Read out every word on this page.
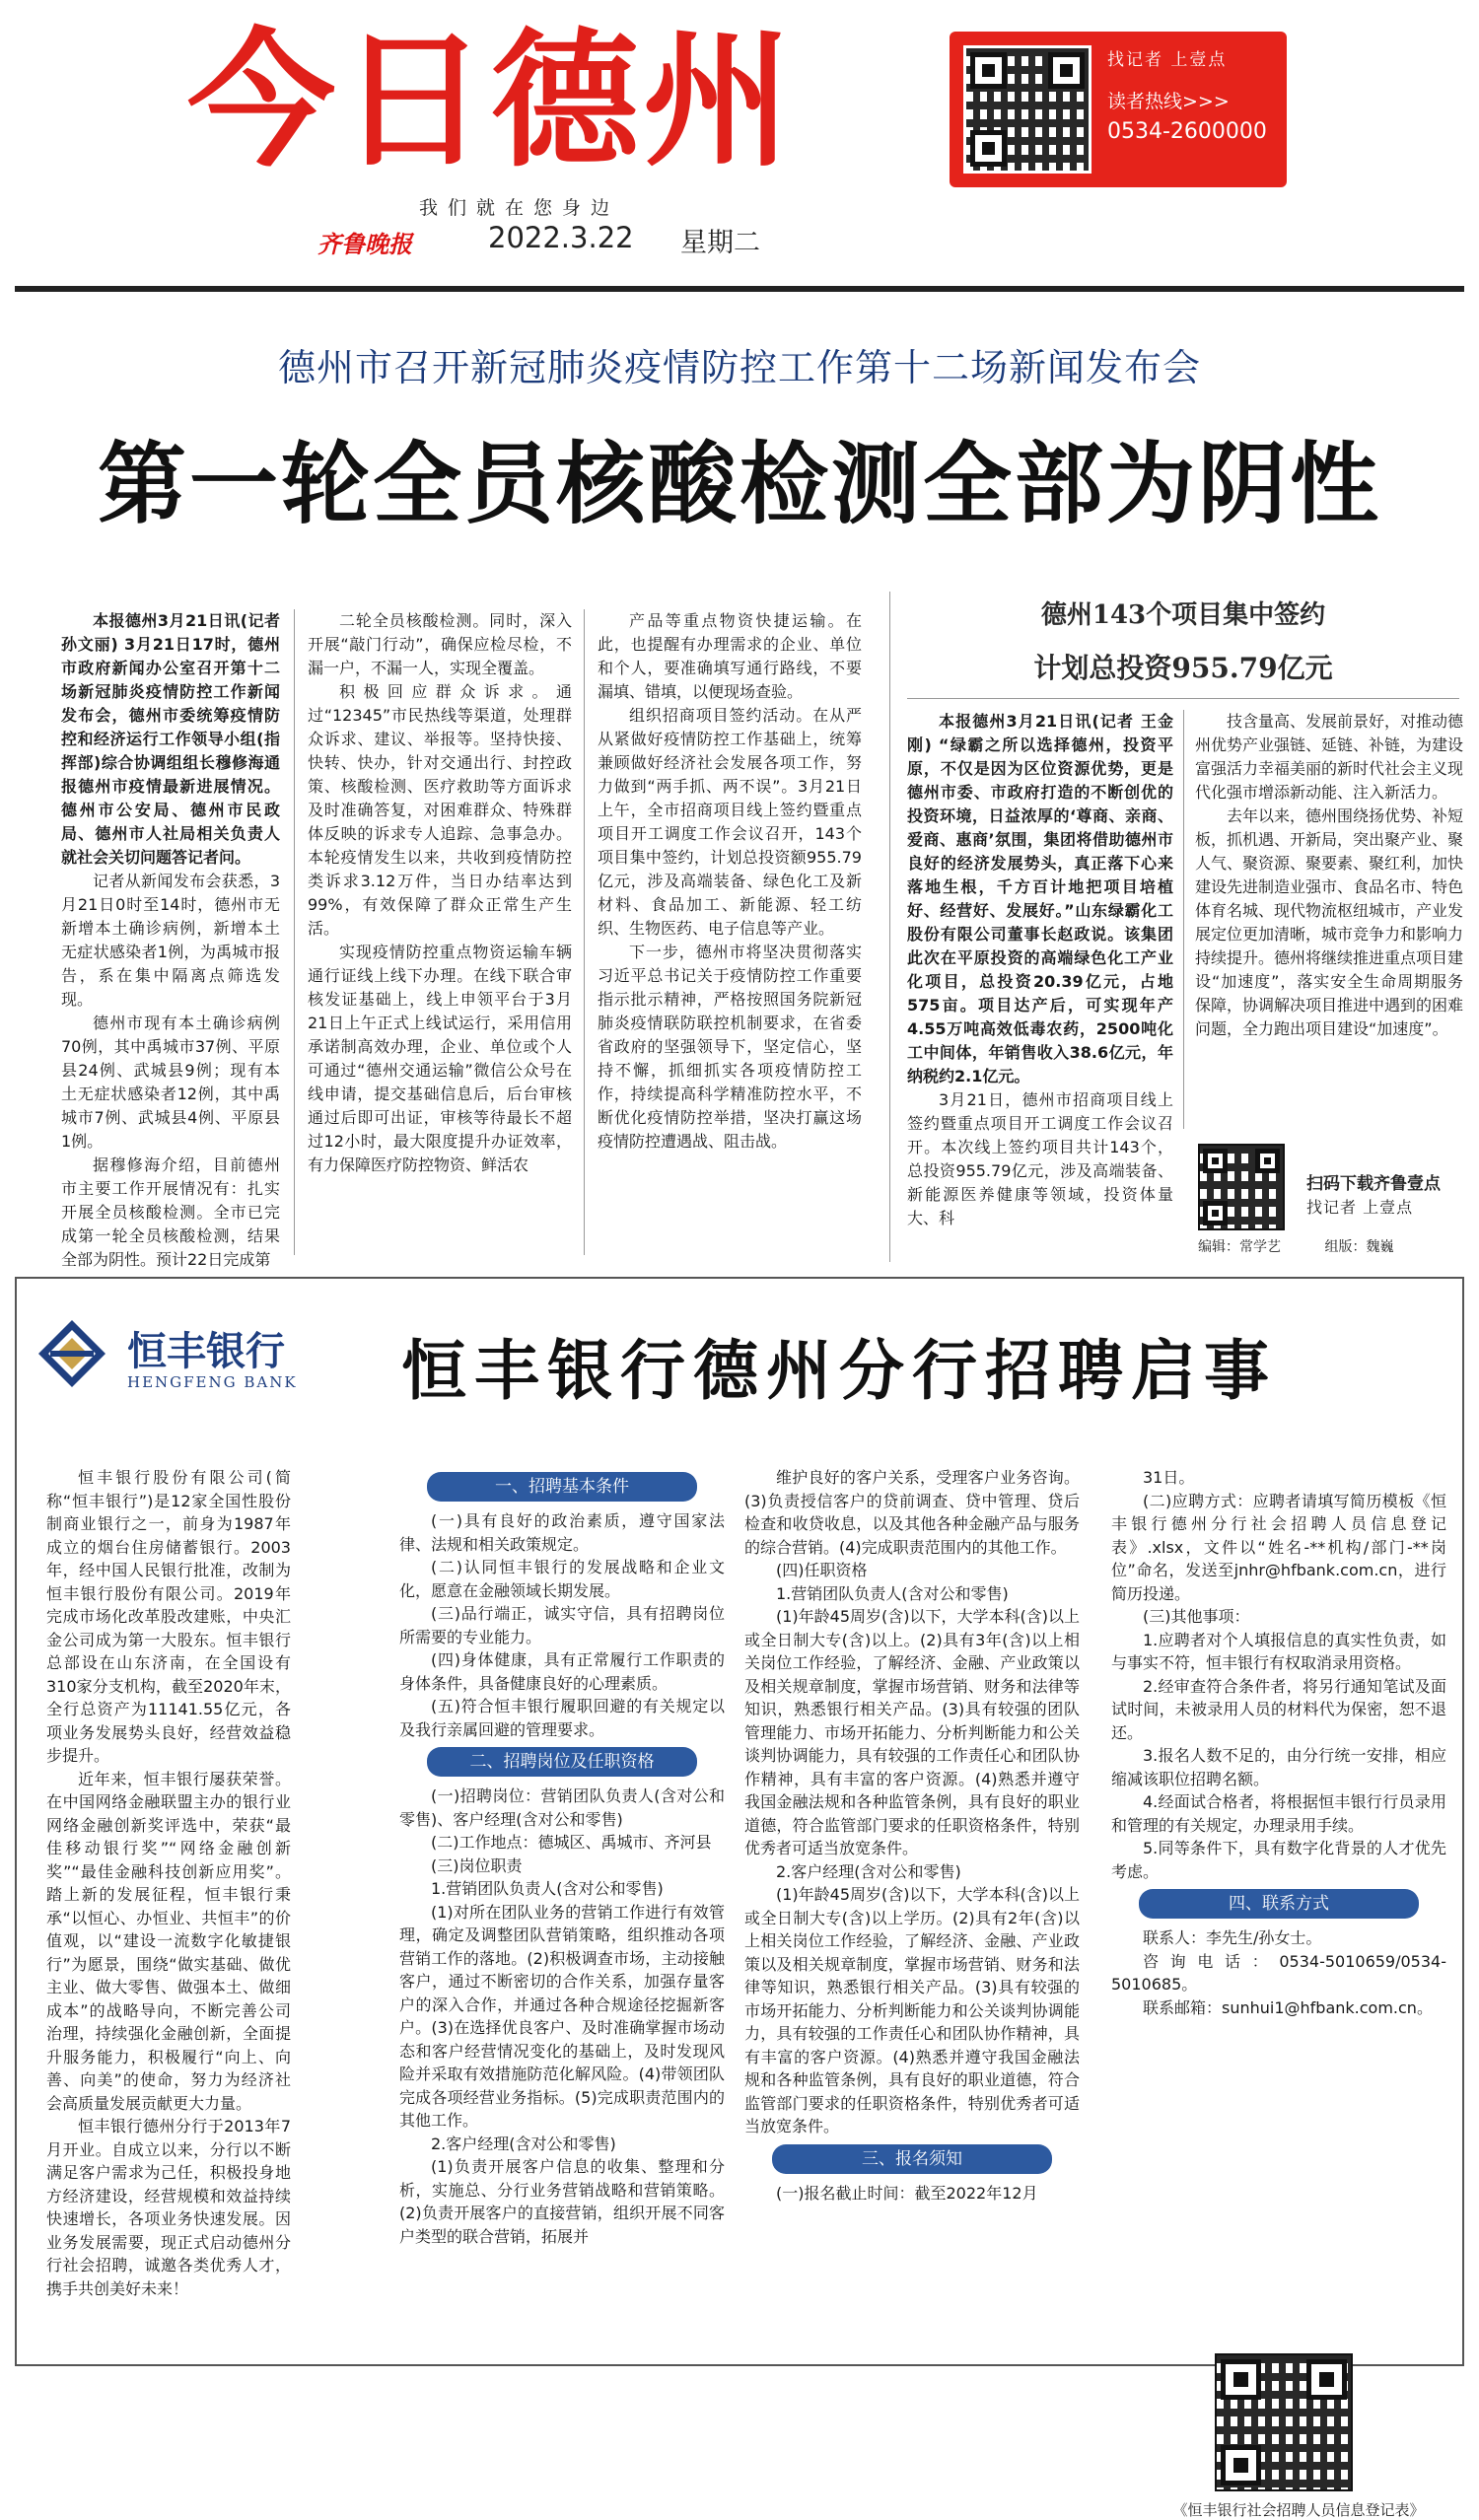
今日德州
我们就在您身边
齐鲁晚报	2022.3.22 星期二
找记者 上壹点
读者热线>>>
0534-2600000
德州市召开新冠肺炎疫情防控工作第十二场新闻发布会
第一轮全员核酸检测全部为阴性

本报德州3月21日讯(记者 孙文丽) 3月21日17时，德州市政府新闻办公室召开第十二场新冠肺炎疫情防控工作新闻发布会，德州市委统筹疫情防控和经济运行工作领导小组(指挥部)综合协调组组长穆修海通报德州市疫情最新进展情况。德州市公安局、德州市民政局、德州市人社局相关负责人就社会关切问题答记者问。

记者从新闻发布会获悉，3月21日0时至14时，德州市无新增本土确诊病例，新增本土无症状感染者1例，为禹城市报告，系在集中隔离点筛选发现。

德州市现有本土确诊病例70例，其中禹城市37例、平原县24例、武城县9例；现有本土无症状感染者12例，其中禹城市7例、武城县4例、平原县1例。

据穆修海介绍，目前德州市主要工作开展情况有：扎实开展全员核酸检测。全市已完成第一轮全员核酸检测，结果全部为阴性。预计22日完成第

二轮全员核酸检测。同时，深入开展“敲门行动”，确保应检尽检，不漏一户，不漏一人，实现全覆盖。

积极回应群众诉求。通过“12345”市民热线等渠道，处理群众诉求、建议、举报等。坚持快接、快转、快办，针对交通出行、封控政策、核酸检测、医疗救助等方面诉求及时准确答复，对困难群众、特殊群体反映的诉求专人追踪、急事急办。本轮疫情发生以来，共收到疫情防控类诉求3.12万件，当日办结率达到99%，有效保障了群众正常生产生活。

实现疫情防控重点物资运输车辆通行证线上线下办理。在线下联合审核发证基础上，线上申领平台于3月21日上午正式上线试运行，采用信用承诺制高效办理，企业、单位或个人可通过“德州交通运输”微信公众号在线申请，提交基础信息后，后台审核通过后即可出证，审核等待最长不超过12小时，最大限度提升办证效率，有力保障医疗防控物资、鲜活农

产品等重点物资快捷运输。在此，也提醒有办理需求的企业、单位和个人，要准确填写通行路线，不要漏填、错填，以便现场查验。

组织招商项目签约活动。在从严从紧做好疫情防控工作基础上，统筹兼顾做好经济社会发展各项工作，努力做到“两手抓、两不误”。3月21日上午，全市招商项目线上签约暨重点项目开工调度工作会议召开，143个项目集中签约，计划总投资额955.79亿元，涉及高端装备、绿色化工及新材料、食品加工、新能源、轻工纺织、生物医药、电子信息等产业。

下一步，德州市将坚决贯彻落实习近平总书记关于疫情防控工作重要指示批示精神，严格按照国务院新冠肺炎疫情联防联控机制要求，在省委省政府的坚强领导下，坚定信心，坚持不懈，抓细抓实各项疫情防控工作，持续提高科学精准防控水平，不断优化疫情防控举措，坚决打赢这场疫情防控遭遇战、阻击战。

德州143个项目集中签约
计划总投资955.79亿元

本报德州3月21日讯(记者 王金刚) “绿霸之所以选择德州，投资平原，不仅是因为区位资源优势，更是德州市委、市政府打造的不断创优的投资环境，日益浓厚的‘尊商、亲商、爱商、惠商’氛围，集团将借助德州市良好的经济发展势头，真正落下心来落地生根，千方百计地把项目培植好、经营好、发展好。”山东绿霸化工股份有限公司董事长赵政说。该集团此次在平原投资的高端绿色化工产业化项目，总投资20.39亿元，占地575亩。项目达产后，可实现年产4.55万吨高效低毒农药，2500吨化工中间体，年销售收入38.6亿元，年纳税约2.1亿元。

3月21日，德州市招商项目线上签约暨重点项目开工调度工作会议召开。本次线上签约项目共计143个，总投资955.79亿元，涉及高端装备、新能源医养健康等领域，投资体量大、科

技含量高、发展前景好，对推动德州优势产业强链、延链、补链，为建设富强活力幸福美丽的新时代社会主义现代化强市增添新动能、注入新活力。

去年以来，德州围绕扬优势、补短板，抓机遇、开新局，突出聚产业、聚人气、聚资源、聚要素、聚红利，加快建设先进制造业强市、食品名市、特色体育名城、现代物流枢纽城市，产业发展定位更加清晰，城市竞争力和影响力持续提升。德州将继续推进重点项目建设“加速度”，落实安全生命周期服务保障，协调解决项目推进中遇到的困难问题，全力跑出项目建设“加速度”。

扫码下载齐鲁壹点
找记者 上壹点
编辑：常学艺	组版：魏巍
恒丰银行
HENGFENG BANK 恒丰银行德州分行招聘启事

恒丰银行股份有限公司(简称“恒丰银行”)是12家全国性股份制商业银行之一，前身为1987年成立的烟台住房储蓄银行。2003年，经中国人民银行批准，改制为恒丰银行股份有限公司。2019年完成市场化改革股改建账，中央汇金公司成为第一大股东。恒丰银行总部设在山东济南，在全国设有310家分支机构，截至2020年末，全行总资产为11141.55亿元，各项业务发展势头良好，经营效益稳步提升。

近年来，恒丰银行屡获荣誉。在中国网络金融联盟主办的银行业网络金融创新奖评选中，荣获“最佳移动银行奖”“网络金融创新奖”“最佳金融科技创新应用奖”。踏上新的发展征程，恒丰银行秉承“以恒心、办恒业、共恒丰”的价值观，以“建设一流数字化敏捷银行”为愿景，围绕“做实基础、做优主业、做大零售、做强本土、做细成本”的战略导向，不断完善公司治理，持续强化金融创新，全面提升服务能力，积极履行“向上、向善、向美”的使命，努力为经济社会高质量发展贡献更大力量。

恒丰银行德州分行于2013年7月开业。自成立以来，分行以不断满足客户需求为己任，积极投身地方经济建设，经营规模和效益持续快速增长，各项业务快速发展。因业务发展需要，现正式启动德州分行社会招聘，诚邀各类优秀人才，携手共创美好未来！

一、招聘基本条件

(一)具有良好的政治素质，遵守国家法律、法规和相关政策规定。

(二)认同恒丰银行的发展战略和企业文化，愿意在金融领域长期发展。

(三)品行端正，诚实守信，具有招聘岗位所需要的专业能力。

(四)身体健康，具有正常履行工作职责的身体条件，具备健康良好的心理素质。

(五)符合恒丰银行履职回避的有关规定以及我行亲属回避的管理要求。

二、招聘岗位及任职资格

(一)招聘岗位：营销团队负责人(含对公和零售)、客户经理(含对公和零售)

(二)工作地点：德城区、禹城市、齐河县

(三)岗位职责

1.营销团队负责人(含对公和零售)

(1)对所在团队业务的营销工作进行有效管理，确定及调整团队营销策略，组织推动各项营销工作的落地。(2)积极调查市场，主动接触客户，通过不断密切的合作关系，加强存量客户的深入合作，并通过各种合规途径挖掘新客户。(3)在选择优良客户、及时准确掌握市场动态和客户经营情况变化的基础上，及时发现风险并采取有效措施防范化解风险。(4)带领团队完成各项经营业务指标。(5)完成职责范围内的其他工作。

2.客户经理(含对公和零售)

(1)负责开展客户信息的收集、整理和分析，实施总、分行业务营销战略和营销策略。(2)负责开展客户的直接营销，组织开展不同客户类型的联合营销，拓展并

维护良好的客户关系，受理客户业务咨询。(3)负责授信客户的贷前调查、贷中管理、贷后检查和收贷收息，以及其他各种金融产品与服务的综合营销。(4)完成职责范围内的其他工作。

(四)任职资格

1.营销团队负责人(含对公和零售)

(1)年龄45周岁(含)以下，大学本科(含)以上或全日制大专(含)以上。(2)具有3年(含)以上相关岗位工作经验，了解经济、金融、产业政策以及相关规章制度，掌握市场营销、财务和法律等知识，熟悉银行相关产品。(3)具有较强的团队管理能力、市场开拓能力、分析判断能力和公关谈判协调能力，具有较强的工作责任心和团队协作精神，具有丰富的客户资源。(4)熟悉并遵守我国金融法规和各种监管条例，具有良好的职业道德，符合监管部门要求的任职资格条件，特别优秀者可适当放宽条件。

2.客户经理(含对公和零售)

(1)年龄45周岁(含)以下，大学本科(含)以上或全日制大专(含)以上学历。(2)具有2年(含)以上相关岗位工作经验，了解经济、金融、产业政策以及相关规章制度，掌握市场营销、财务和法律等知识，熟悉银行相关产品。(3)具有较强的市场开拓能力、分析判断能力和公关谈判协调能力，具有较强的工作责任心和团队协作精神，具有丰富的客户资源。(4)熟悉并遵守我国金融法规和各种监管条例，具有良好的职业道德，符合监管部门要求的任职资格条件，特别优秀者可适当放宽条件。

三、报名须知

(一)报名截止时间：截至2022年12月

31日。

(二)应聘方式：应聘者请填写简历模板《恒丰银行德州分行社会招聘人员信息登记表》.xlsx，文件以“姓名-**机构/部门-**岗位”命名，发送至jnhr@hfbank.com.cn，进行简历投递。

(三)其他事项：

1.应聘者对个人填报信息的真实性负责，如与事实不符，恒丰银行有权取消录用资格。

2.经审查符合条件者，将另行通知笔试及面试时间，未被录用人员的材料代为保密，恕不退还。

3.报名人数不足的，由分行统一安排，相应缩减该职位招聘名额。

4.经面试合格者，将根据恒丰银行行员录用和管理的有关规定，办理录用手续。

5.同等条件下，具有数字化背景的人才优先考虑。

四、联系方式

联系人：李先生/孙女士。

咨询电话：0534-5010659/0534-5010685。

联系邮箱：sunhui1@hfbank.com.cn。

《恒丰银行社会招聘人员信息登记表》
